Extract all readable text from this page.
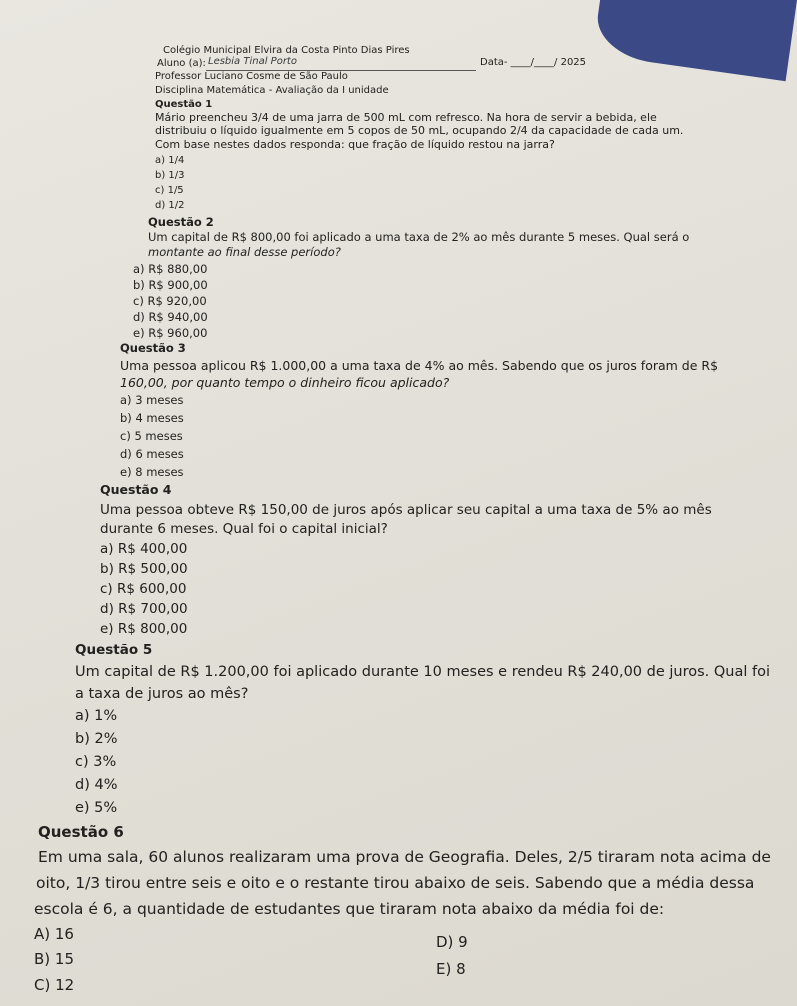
Colégio Municipal Elvira da Costa Pinto Dias Pires
Aluno (a): Lesbia Tinal Porto	Data- ____/____/ 2025
Professor Luciano Cosme de São Paulo
Disciplina Matemática - Avaliação da I unidade
Questão 1
Mário preencheu 3/4 de uma jarra de 500 mL com refresco. Na hora de servir a bebida, ele
distribuiu o líquido igualmente em 5 copos de 50 mL, ocupando 2/4 da capacidade de cada um.
Com base nestes dados responda: que fração de líquido restou na jarra?
a) 1/4
b) 1/3
c) 1/5
d) 1/2
Questão 2
Um capital de R$ 800,00 foi aplicado a uma taxa de 2% ao mês durante 5 meses. Qual será o
montante ao final desse período?
a) R$ 880,00
b) R$ 900,00
c) R$ 920,00
d) R$ 940,00
e) R$ 960,00
Questão 3
Uma pessoa aplicou R$ 1.000,00 a uma taxa de 4% ao mês. Sabendo que os juros foram de R$
160,00, por quanto tempo o dinheiro ficou aplicado?
a) 3 meses
b) 4 meses
c) 5 meses
d) 6 meses
e) 8 meses
Questão 4
Uma pessoa obteve R$ 150,00 de juros após aplicar seu capital a uma taxa de 5% ao mês
durante 6 meses. Qual foi o capital inicial?
a) R$ 400,00
b) R$ 500,00
c) R$ 600,00
d) R$ 700,00
e) R$ 800,00
Questão 5
Um capital de R$ 1.200,00 foi aplicado durante 10 meses e rendeu R$ 240,00 de juros. Qual foi
a taxa de juros ao mês?
a) 1%
b) 2%
c) 3%
d) 4%
e) 5%
Questão 6
Em uma sala, 60 alunos realizaram uma prova de Geografia. Deles, 2/5 tiraram nota acima de
oito, 1/3 tirou entre seis e oito e o restante tirou abaixo de seis. Sabendo que a média dessa
escola é 6, a quantidade de estudantes que tiraram nota abaixo da média foi de:
A) 16
B) 15
C) 12
D) 9
E) 8
